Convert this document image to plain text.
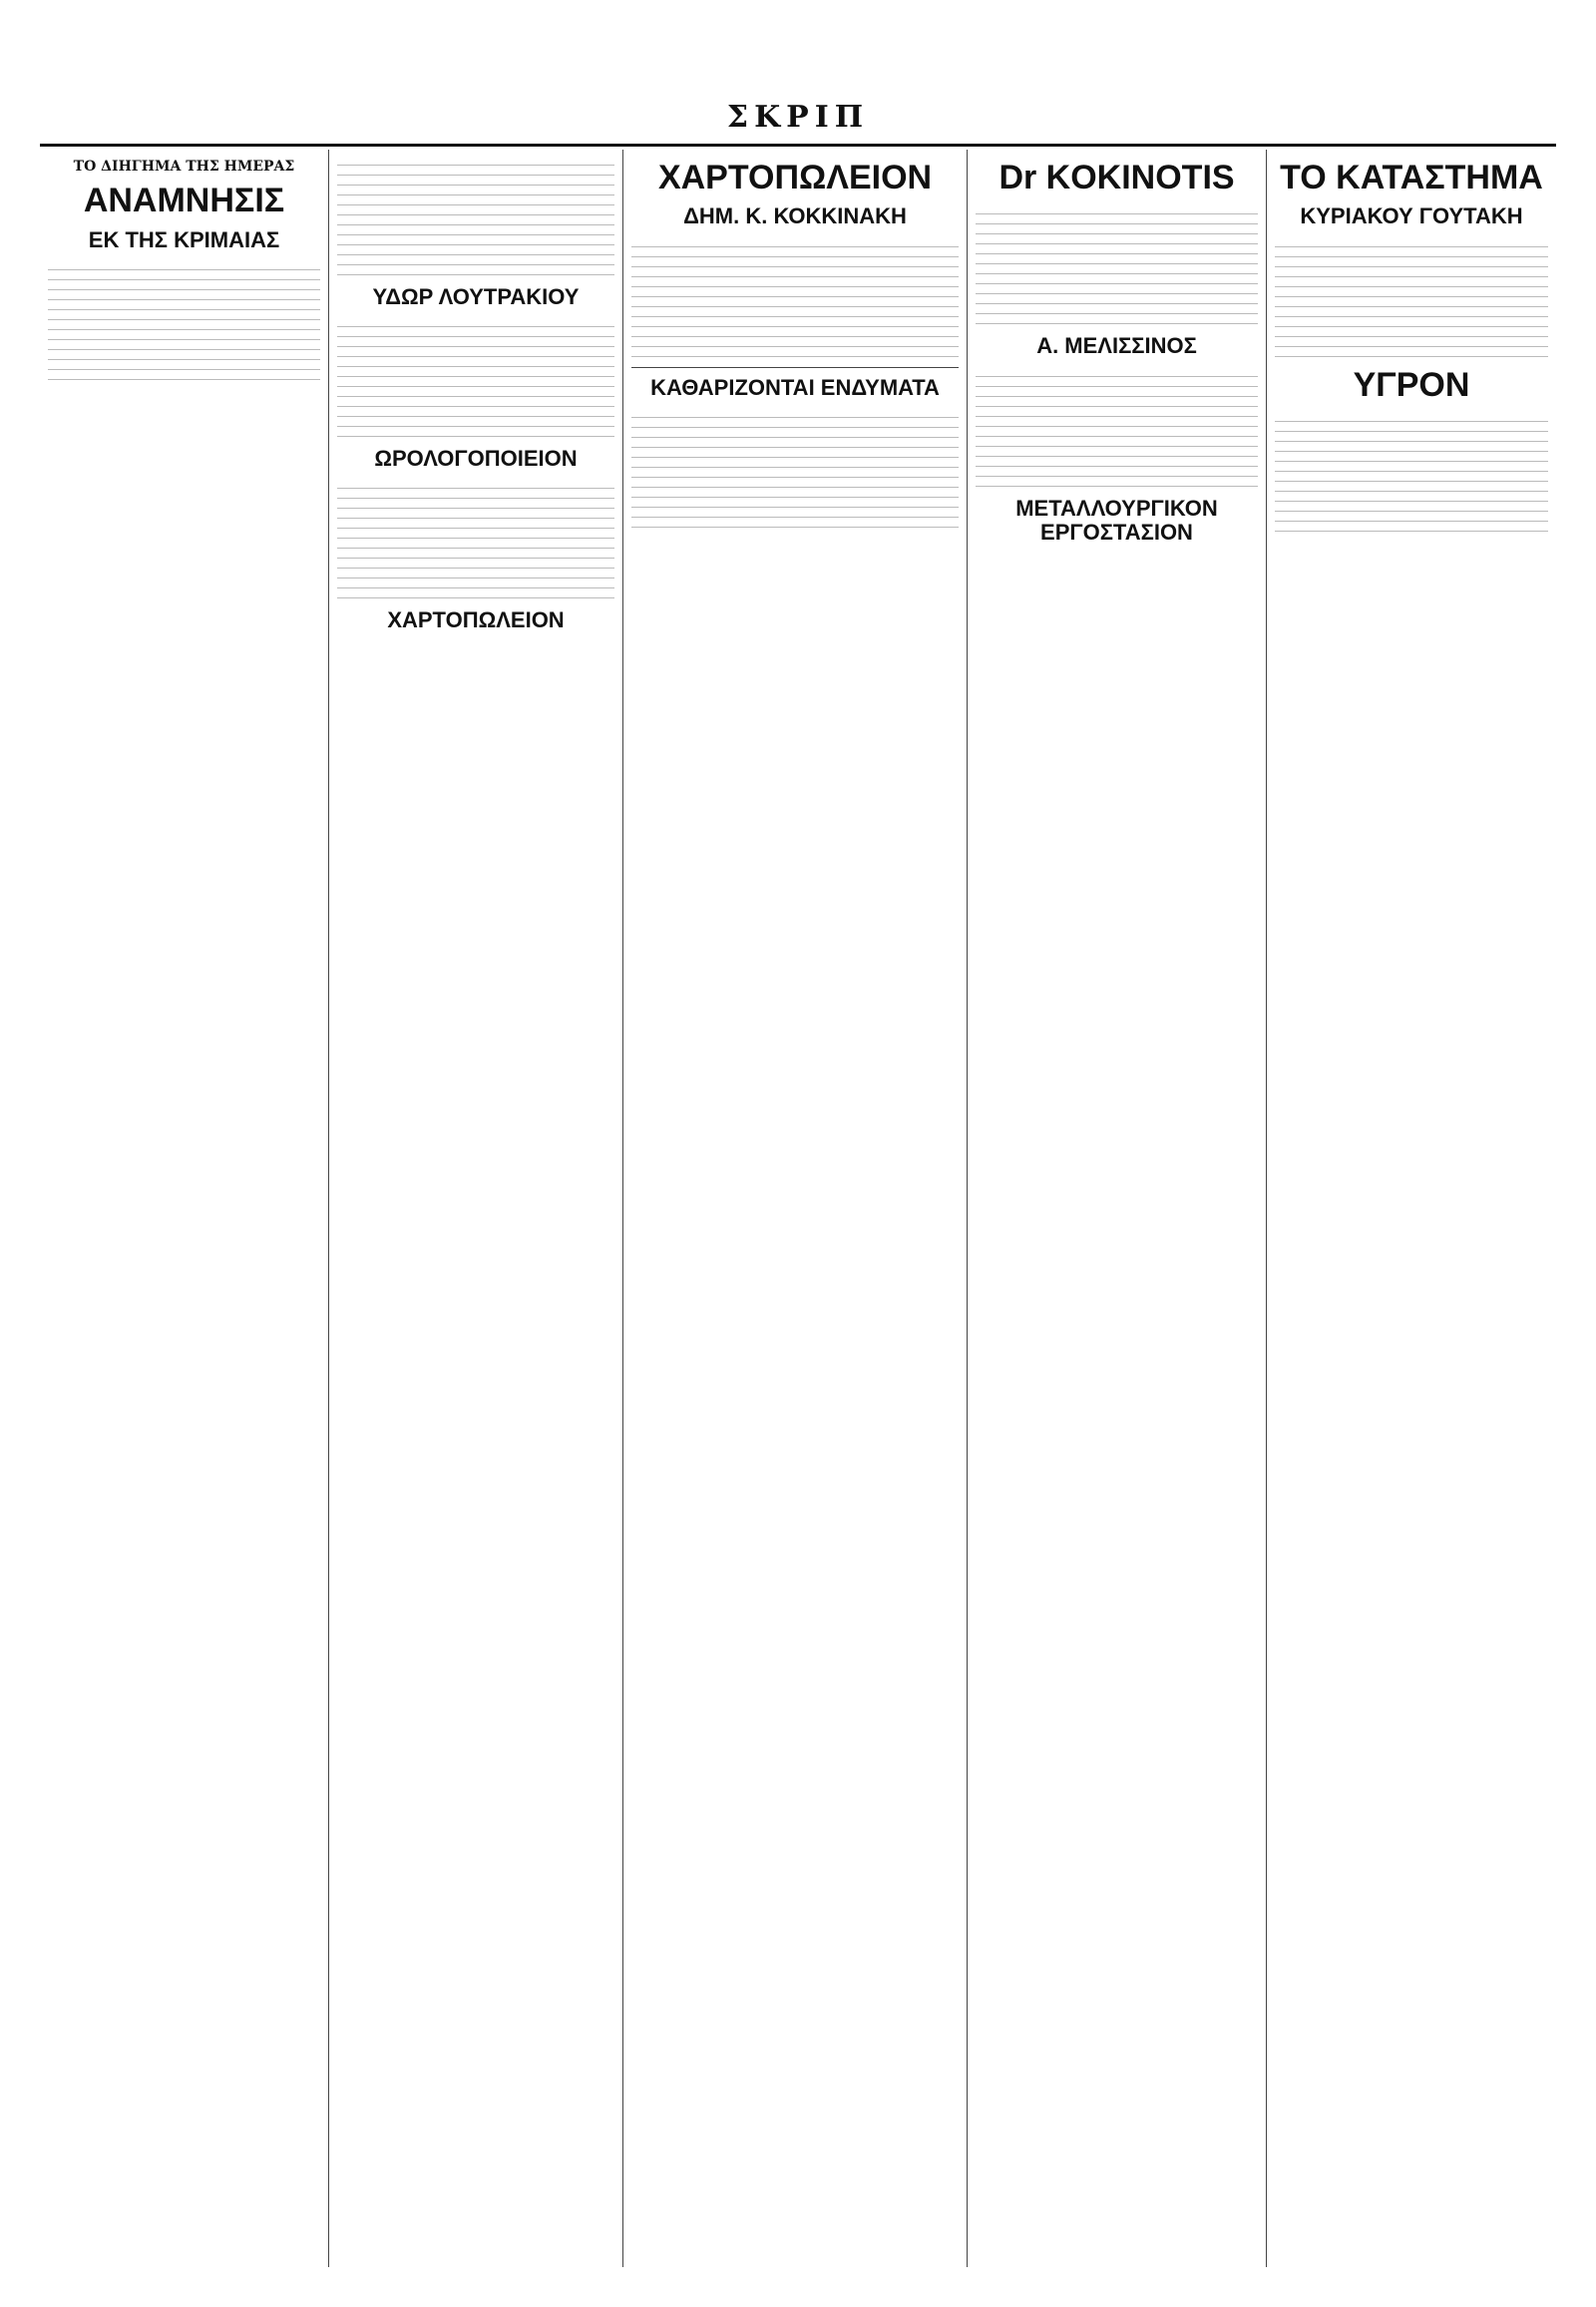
ΣΚΡΙΠ
ΤΟ ΔΙΗΓΗΜΑ ΤΗΣ ΗΜΕΡΑΣ
ΑΝΑΜΝΗΣΙΣ
ΕΚ ΤΗΣ ΚΡΙΜΑΙΑΣ
ΥΔΩΡ ΛΟΥΤΡΑΚΙΟΥ
ΩΡΟΛΟΓΟΠΟΙΕΙΟΝ
ΧΑΡΤΟΠΩΛΕΙΟΝ
ΧΑΡΤΟΠΩΛΕΙΟΝ
ΔΗΜ. Κ. ΚΟΚΚΙΝΑΚΗ
ΚΑΘΑΡΙΖΟΝΤΑΙ ΕΝΔΥΜΑΤΑ
Dr KOKINOTIS
Α. ΜΕΛΙΣΣΙΝΟΣ
ΜΕΤΑΛΛΟΥΡΓΙΚΟΝ ΕΡΓΟΣΤΑΣΙΟΝ
ΤΟ ΚΑΤΑΣΤΗΜΑ
ΚΥΡΙΑΚΟΥ ΓΟΥΤΑΚΗ
ΥΓΡΟΝ
